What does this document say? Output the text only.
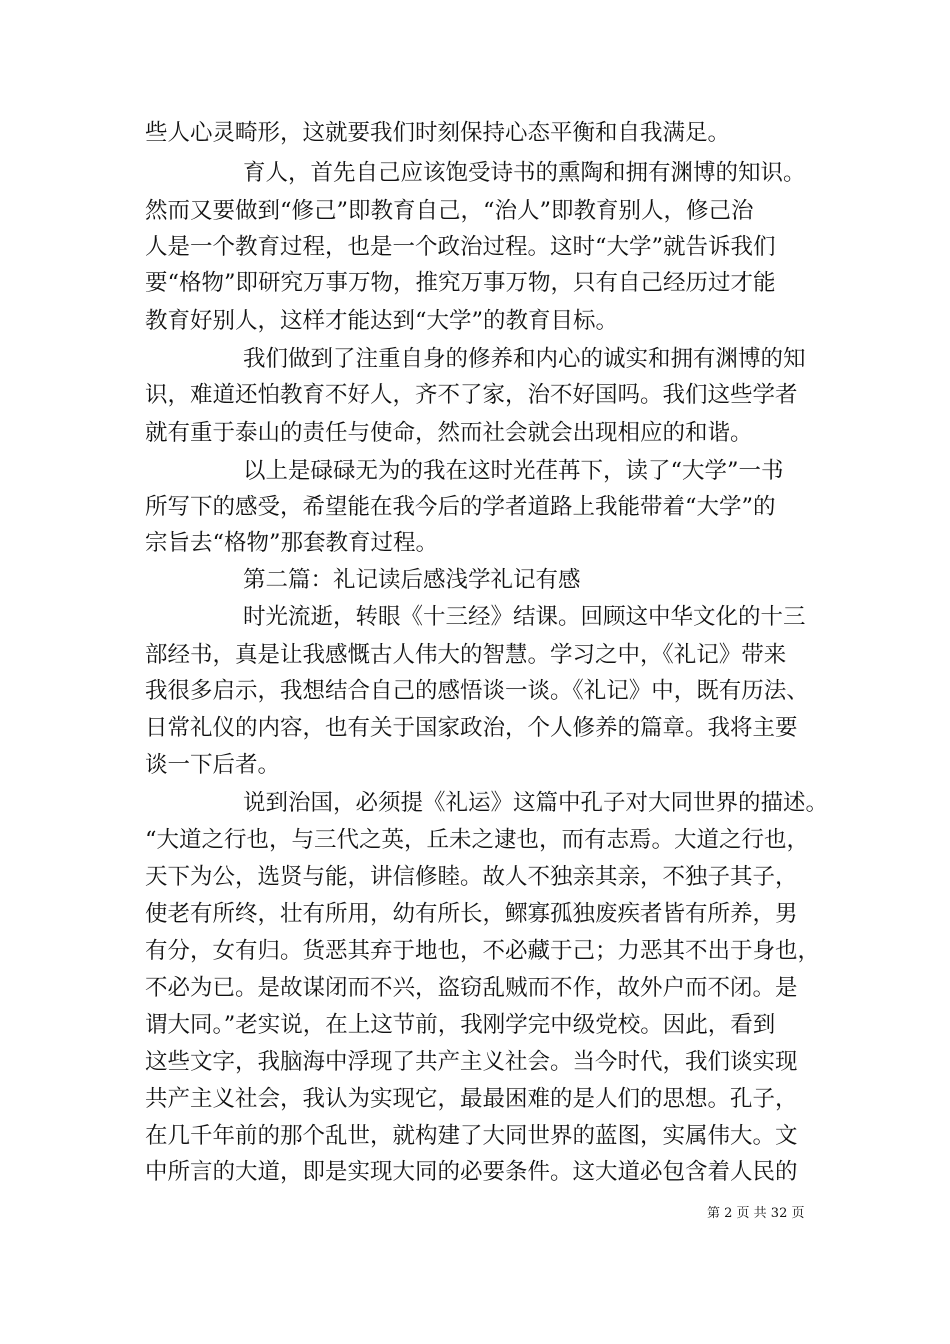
些人心灵畸形，这就要我们时刻保持心态平衡和自我满足。
育人，首先自己应该饱受诗书的熏陶和拥有渊博的知识。
然而又要做到“修己”即教育自己，“治人”即教育别人，修己治
人是一个教育过程，也是一个政治过程。这时“大学”就告诉我们
要“格物”即研究万事万物，推究万事万物，只有自己经历过才能
教育好别人，这样才能达到“大学”的教育目标。
我们做到了注重自身的修养和内心的诚实和拥有渊博的知
识，难道还怕教育不好人，齐不了家，治不好国吗。我们这些学者
就有重于泰山的责任与使命，然而社会就会出现相应的和谐。
以上是碌碌无为的我在这时光荏苒下，读了“大学”一书
所写下的感受，希望能在我今后的学者道路上我能带着“大学”的
宗旨去“格物”那套教育过程。
第二篇：礼记读后感浅学礼记有感
时光流逝，转眼《十三经》结课。回顾这中华文化的十三
部经书，真是让我感慨古人伟大的智慧。学习之中，《礼记》带来
我很多启示，我想结合自己的感悟谈一谈。《礼记》中，既有历法、
日常礼仪的内容，也有关于国家政治，个人修养的篇章。我将主要
谈一下后者。
说到治国，必须提《礼运》这篇中孔子对大同世界的描述。
“大道之行也，与三代之英，丘未之逮也，而有志焉。大道之行也，
天下为公，选贤与能，讲信修睦。故人不独亲其亲，不独子其子，
使老有所终，壮有所用，幼有所长，鳏寡孤独废疾者皆有所养，男
有分，女有归。货恶其弃于地也，不必藏于己；力恶其不出于身也，
不必为已。是故谋闭而不兴，盗窃乱贼而不作，故外户而不闭。是
谓大同。”老实说，在上这节前，我刚学完中级党校。因此，看到
这些文字，我脑海中浮现了共产主义社会。当今时代，我们谈实现
共产主义社会，我认为实现它，最最困难的是人们的思想。孔子，
在几千年前的那个乱世，就构建了大同世界的蓝图，实属伟大。文
中所言的大道，即是实现大同的必要条件。这大道必包含着人民的
第 2 页 共 32 页
